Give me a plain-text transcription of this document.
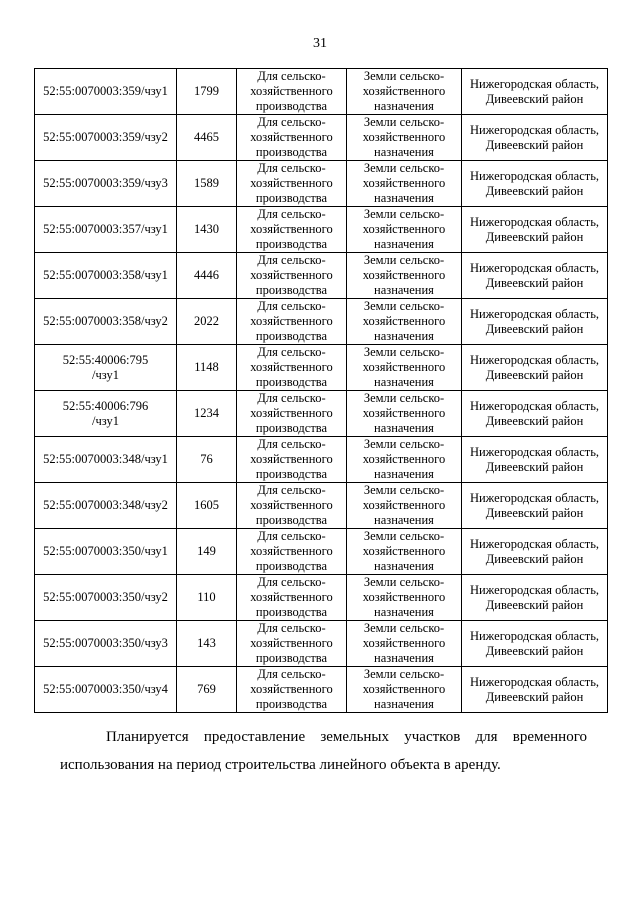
31
52:55:0070003:359/чзу1	1799	Для сельско-
хозяйственного
производства	Земли сельско-
хозяйственного
назначения	Нижегородская область,
Дивеевский район

52:55:0070003:359/чзу2	4465	Для сельско-
хозяйственного
производства	Земли сельско-
хозяйственного
назначения	Нижегородская область,
Дивеевский район

52:55:0070003:359/чзу3	1589	Для сельско-
хозяйственного
производства	Земли сельско-
хозяйственного
назначения	Нижегородская область,
Дивеевский район

52:55:0070003:357/чзу1	1430	Для сельско-
хозяйственного
производства	Земли сельско-
хозяйственного
назначения	Нижегородская область,
Дивеевский район

52:55:0070003:358/чзу1	4446	Для сельско-
хозяйственного
производства	Земли сельско-
хозяйственного
назначения	Нижегородская область,
Дивеевский район

52:55:0070003:358/чзу2	2022	Для сельско-
хозяйственного
производства	Земли сельско-
хозяйственного
назначения	Нижегородская область,
Дивеевский район

52:55:40006:795
/чзу1	1148	Для сельско-
хозяйственного
производства	Земли сельско-
хозяйственного
назначения	Нижегородская область,
Дивеевский район

52:55:40006:796
/чзу1	1234	Для сельско-
хозяйственного
производства	Земли сельско-
хозяйственного
назначения	Нижегородская область,
Дивеевский район

52:55:0070003:348/чзу1	76	Для сельско-
хозяйственного
производства	Земли сельско-
хозяйственного
назначения	Нижегородская область,
Дивеевский район

52:55:0070003:348/чзу2	1605	Для сельско-
хозяйственного
производства	Земли сельско-
хозяйственного
назначения	Нижегородская область,
Дивеевский район

52:55:0070003:350/чзу1	149	Для сельско-
хозяйственного
производства	Земли сельско-
хозяйственного
назначения	Нижегородская область,
Дивеевский район

52:55:0070003:350/чзу2	110	Для сельско-
хозяйственного
производства	Земли сельско-
хозяйственного
назначения	Нижегородская область,
Дивеевский район

52:55:0070003:350/чзу3	143	Для сельско-
хозяйственного
производства	Земли сельско-
хозяйственного
назначения	Нижегородская область,
Дивеевский район

52:55:0070003:350/чзу4	769	Для сельско-
хозяйственного
производства	Земли сельско-
хозяйственного
назначения	Нижегородская область,
Дивеевский район
Планируется предоставление земельных участков для временного
использования на период строительства линейного объекта в аренду.
